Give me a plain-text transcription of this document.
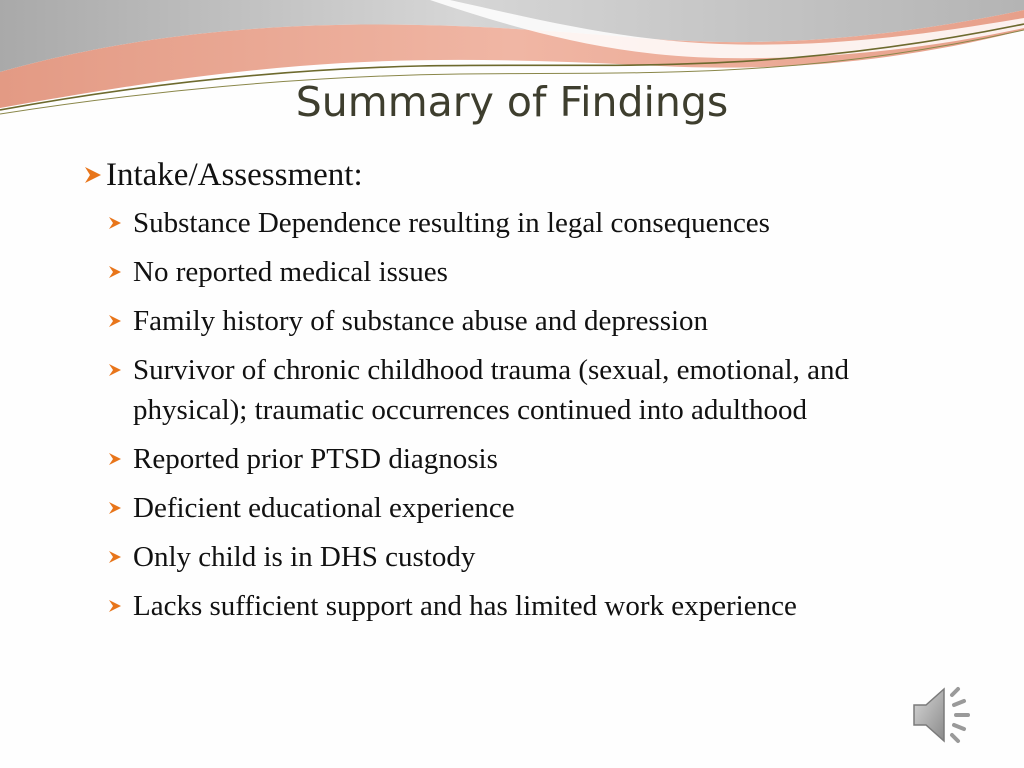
Summary of Findings
Intake/Assessment:
Substance Dependence resulting in legal consequences
No reported medical issues
Family history of substance abuse and depression
Survivor of chronic childhood trauma (sexual, emotional, and physical); traumatic occurrences continued into adulthood
Reported prior PTSD diagnosis
Deficient educational experience
Only child is in DHS custody
Lacks sufficient support and has limited work experience
